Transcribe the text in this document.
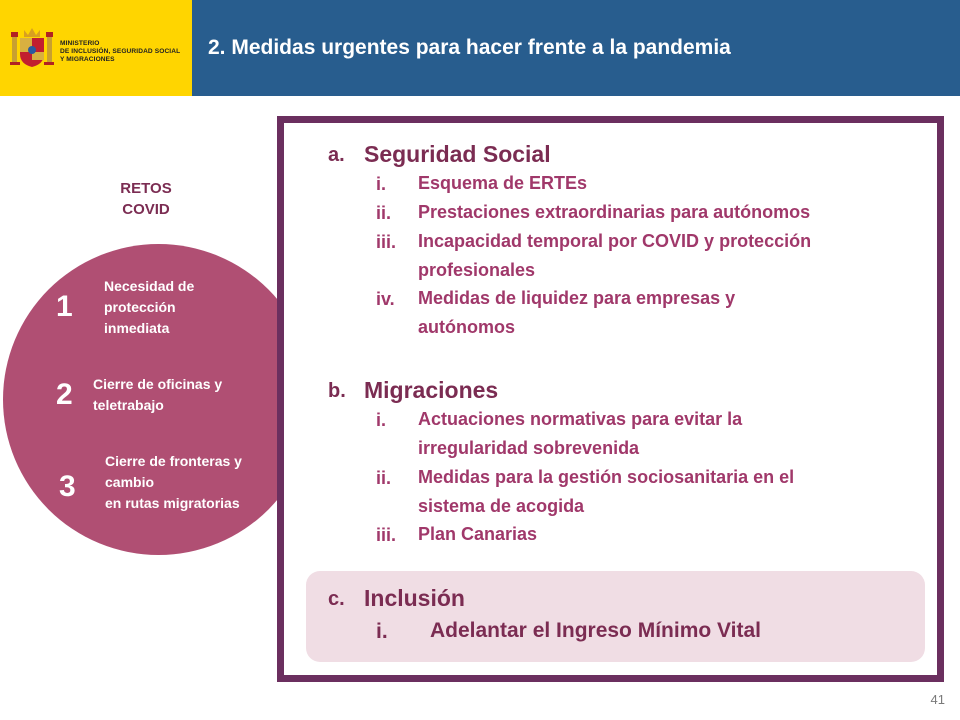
MINISTERIO
DE INCLUSIÓN, SEGURIDAD SOCIAL
Y MIGRACIONES
2. Medidas urgentes para hacer frente a la pandemia
RETOS
COVID
1
Necesidad de
protección
inmediata
2 Cierre de oficinas y
teletrabajo
3
Cierre de fronteras y
cambio
en rutas migratorias
a. Seguridad Social
i. Esquema de ERTEs
ii. Prestaciones extraordinarias para autónomos
iii. Incapacidad temporal por COVID y protección
profesionales
iv. Medidas de liquidez para empresas y
autónomos
b. Migraciones
i. Actuaciones normativas para evitar la
irregularidad sobrevenida
ii. Medidas para la gestión sociosanitaria en el
sistema de acogida
iii. Plan Canarias
c. Inclusión
i. Adelantar el Ingreso Mínimo Vital
41
